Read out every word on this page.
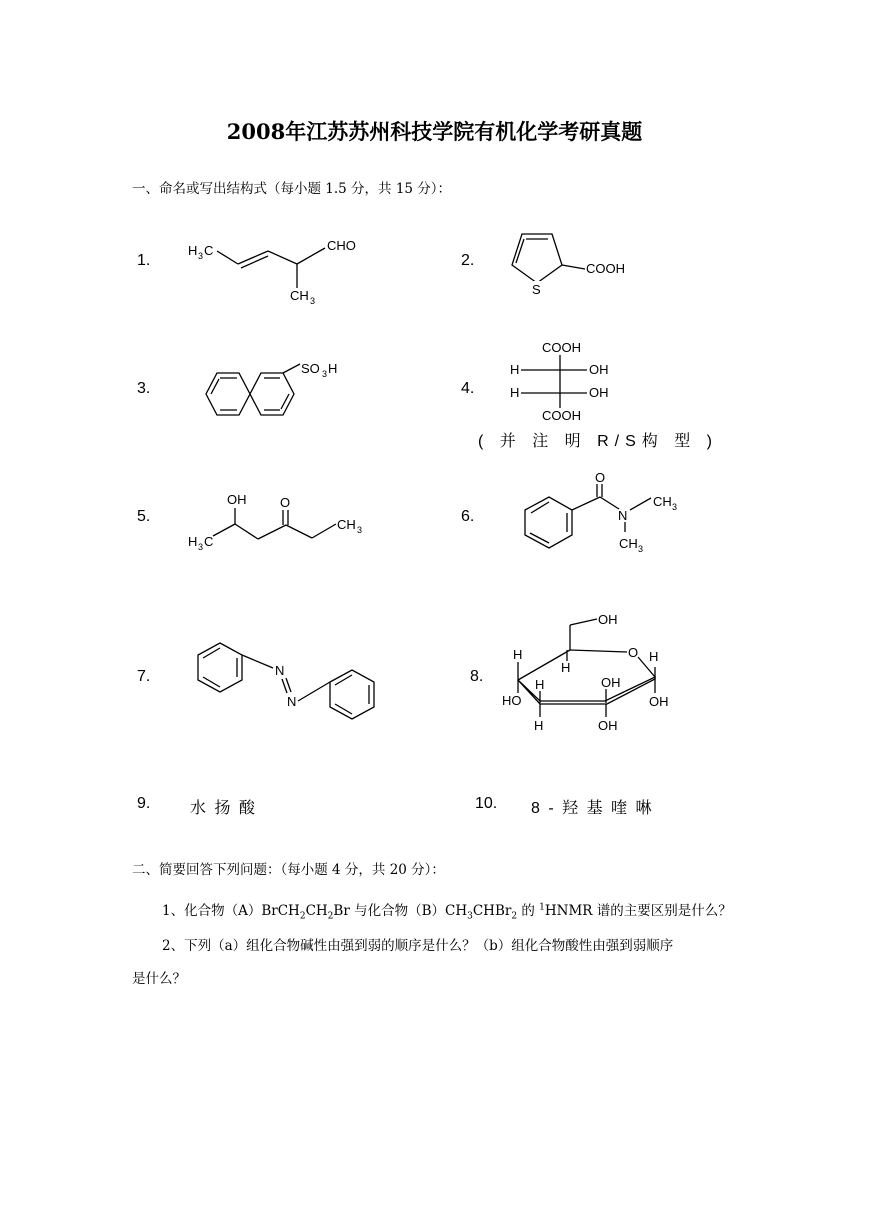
2008年江苏苏州科技学院有机化学考研真题
一、命名或写出结构式（每小题 1.5 分，共 15 分）：
1.
H 3 C	CHO
CH 3
2.
S
COOH
3.
SO 3 H
4.
COOH
H	OH
H	OH
COOH
( 并 注 明 R/S构 型 )
5.
OH	O
CH 3
H 3 C
6.
O
N
CH 3
CH 3
7.	N
N
8.
OH
O
H
H
H
OH
H
HO
OH
H	OH
9. 水 扬 酸	10. 8 - 羟 基 喹 啉
二、简要回答下列问题：（每小题 4 分，共 20 分）：
1、化合物$(A)BrCH_2CH_2Br$ 与化合物$(B)CH_3CHBr_2$ 的 $^1$HNMR 谱的主要区别是什么？
2、下列（a）组化合物碱性由强到弱的顺序是什么？（b）组化合物酸性由强到弱顺序
是什么？
